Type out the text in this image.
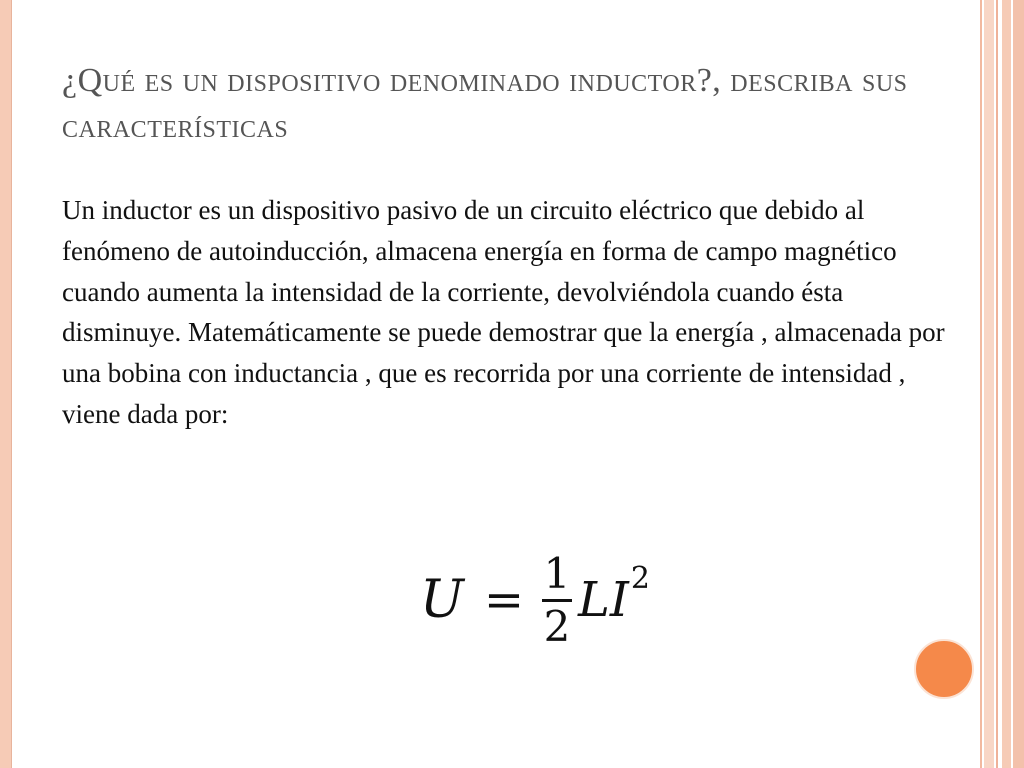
¿Qué es un dispositivo denominado inductor?, describa sus características
Un inductor es un dispositivo pasivo de un circuito eléctrico que debido al fenómeno de autoinducción, almacena energía en forma de campo magnético cuando aumenta la intensidad de la corriente, devolviéndola cuando ésta disminuye. Matemáticamente se puede demostrar que la energía , almacenada por una bobina con inductancia , que es recorrida por una corriente de intensidad , viene dada por:
$U = \frac{1}{2}$ LI 2
